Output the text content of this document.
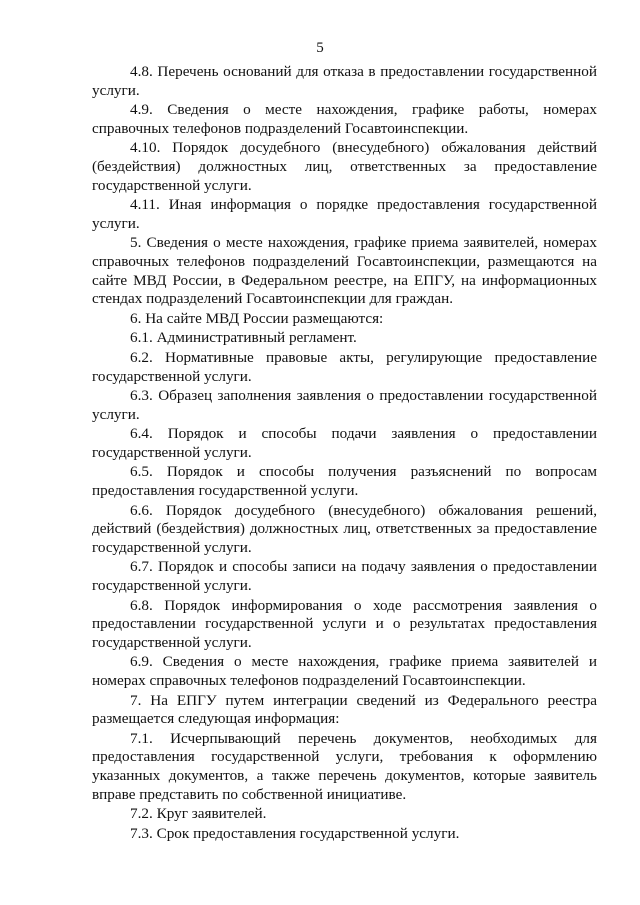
5

4.8. Перечень оснований для отказа в предоставлении государственной услуги.

4.9. Сведения о месте нахождения, графике работы, номерах справочных телефонов подразделений Госавтоинспекции.

4.10. Порядок досудебного (внесудебного) обжалования действий (бездействия) должностных лиц, ответственных за предоставление государственной услуги.

4.11. Иная информация о порядке предоставления государственной услуги.

5. Сведения о месте нахождения, графике приема заявителей, номерах справочных телефонов подразделений Госавтоинспекции, размещаются на сайте МВД России, в Федеральном реестре, на ЕПГУ, на информационных стендах подразделений Госавтоинспекции для граждан.

6. На сайте МВД России размещаются:

6.1. Административный регламент.

6.2. Нормативные правовые акты, регулирующие предоставление государственной услуги.

6.3. Образец заполнения заявления о предоставлении государственной услуги.

6.4. Порядок и способы подачи заявления о предоставлении государственной услуги.

6.5. Порядок и способы получения разъяснений по вопросам предоставления государственной услуги.

6.6. Порядок досудебного (внесудебного) обжалования решений, действий (бездействия) должностных лиц, ответственных за предоставление государственной услуги.

6.7. Порядок и способы записи на подачу заявления о предоставлении государственной услуги.

6.8. Порядок информирования о ходе рассмотрения заявления о предоставлении государственной услуги и о результатах предоставления государственной услуги.

6.9. Сведения о месте нахождения, графике приема заявителей и номерах справочных телефонов подразделений Госавтоинспекции.

7. На ЕПГУ путем интеграции сведений из Федерального реестра размещается следующая информация:

7.1. Исчерпывающий перечень документов, необходимых для предоставления государственной услуги, требования к оформлению указанных документов, а также перечень документов, которые заявитель вправе представить по собственной инициативе.

7.2. Круг заявителей.

7.3. Срок предоставления государственной услуги.
